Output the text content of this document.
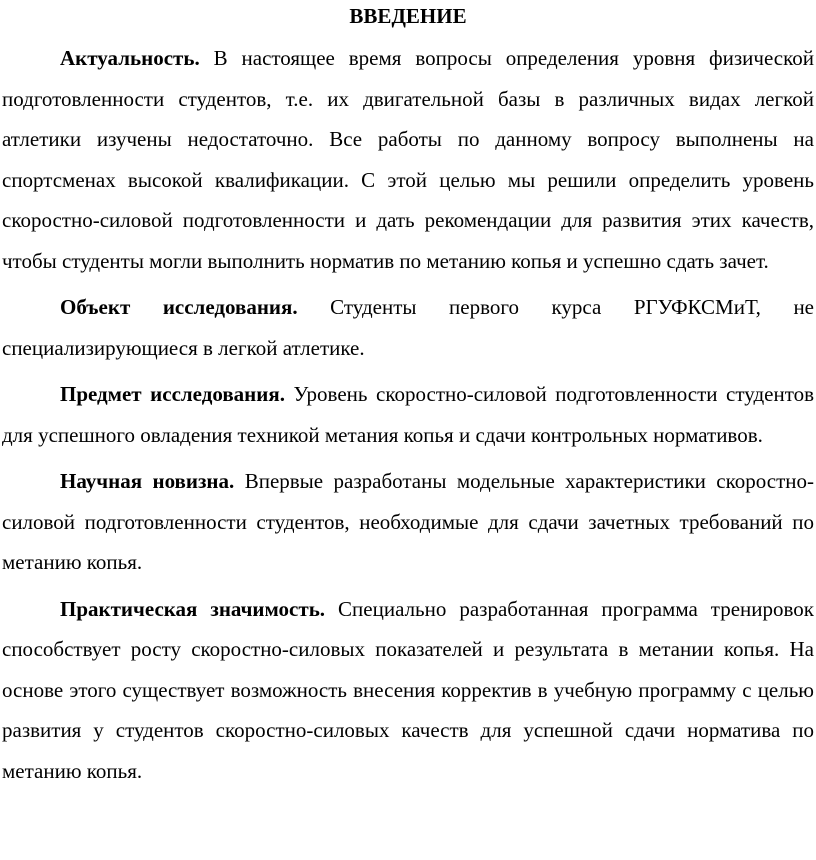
ВВЕДЕНИЕ

Актуальность. В настоящее время вопросы определения уровня физической подготовленности студентов, т.е. их двигательной базы в различных видах легкой атлетики изучены недостаточно. Все работы по данному вопросу выполнены на спортсменах высокой квалификации. С этой целью мы решили определить уровень скоростно-силовой подготовленности и дать рекомендации для развития этих качеств, чтобы студенты могли выполнить норматив по метанию копья и успешно сдать зачет.

Объект исследования. Студенты первого курса РГУФКСМиТ, не специализирующиеся в легкой атлетике.

Предмет исследования. Уровень скоростно-силовой подготовленности студентов для успешного овладения техникой метания копья и сдачи контрольных нормативов.

Научная новизна. Впервые разработаны модельные характеристики скоростно-силовой подготовленности студентов, необходимые для сдачи зачетных требований по метанию копья.

Практическая значимость. Специально разработанная программа тренировок способствует росту скоростно-силовых показателей и результата в метании копья. На основе этого существует возможность внесения корректив в учебную программу с целью развития у студентов скоростно-силовых качеств для успешной сдачи норматива по метанию копья.
